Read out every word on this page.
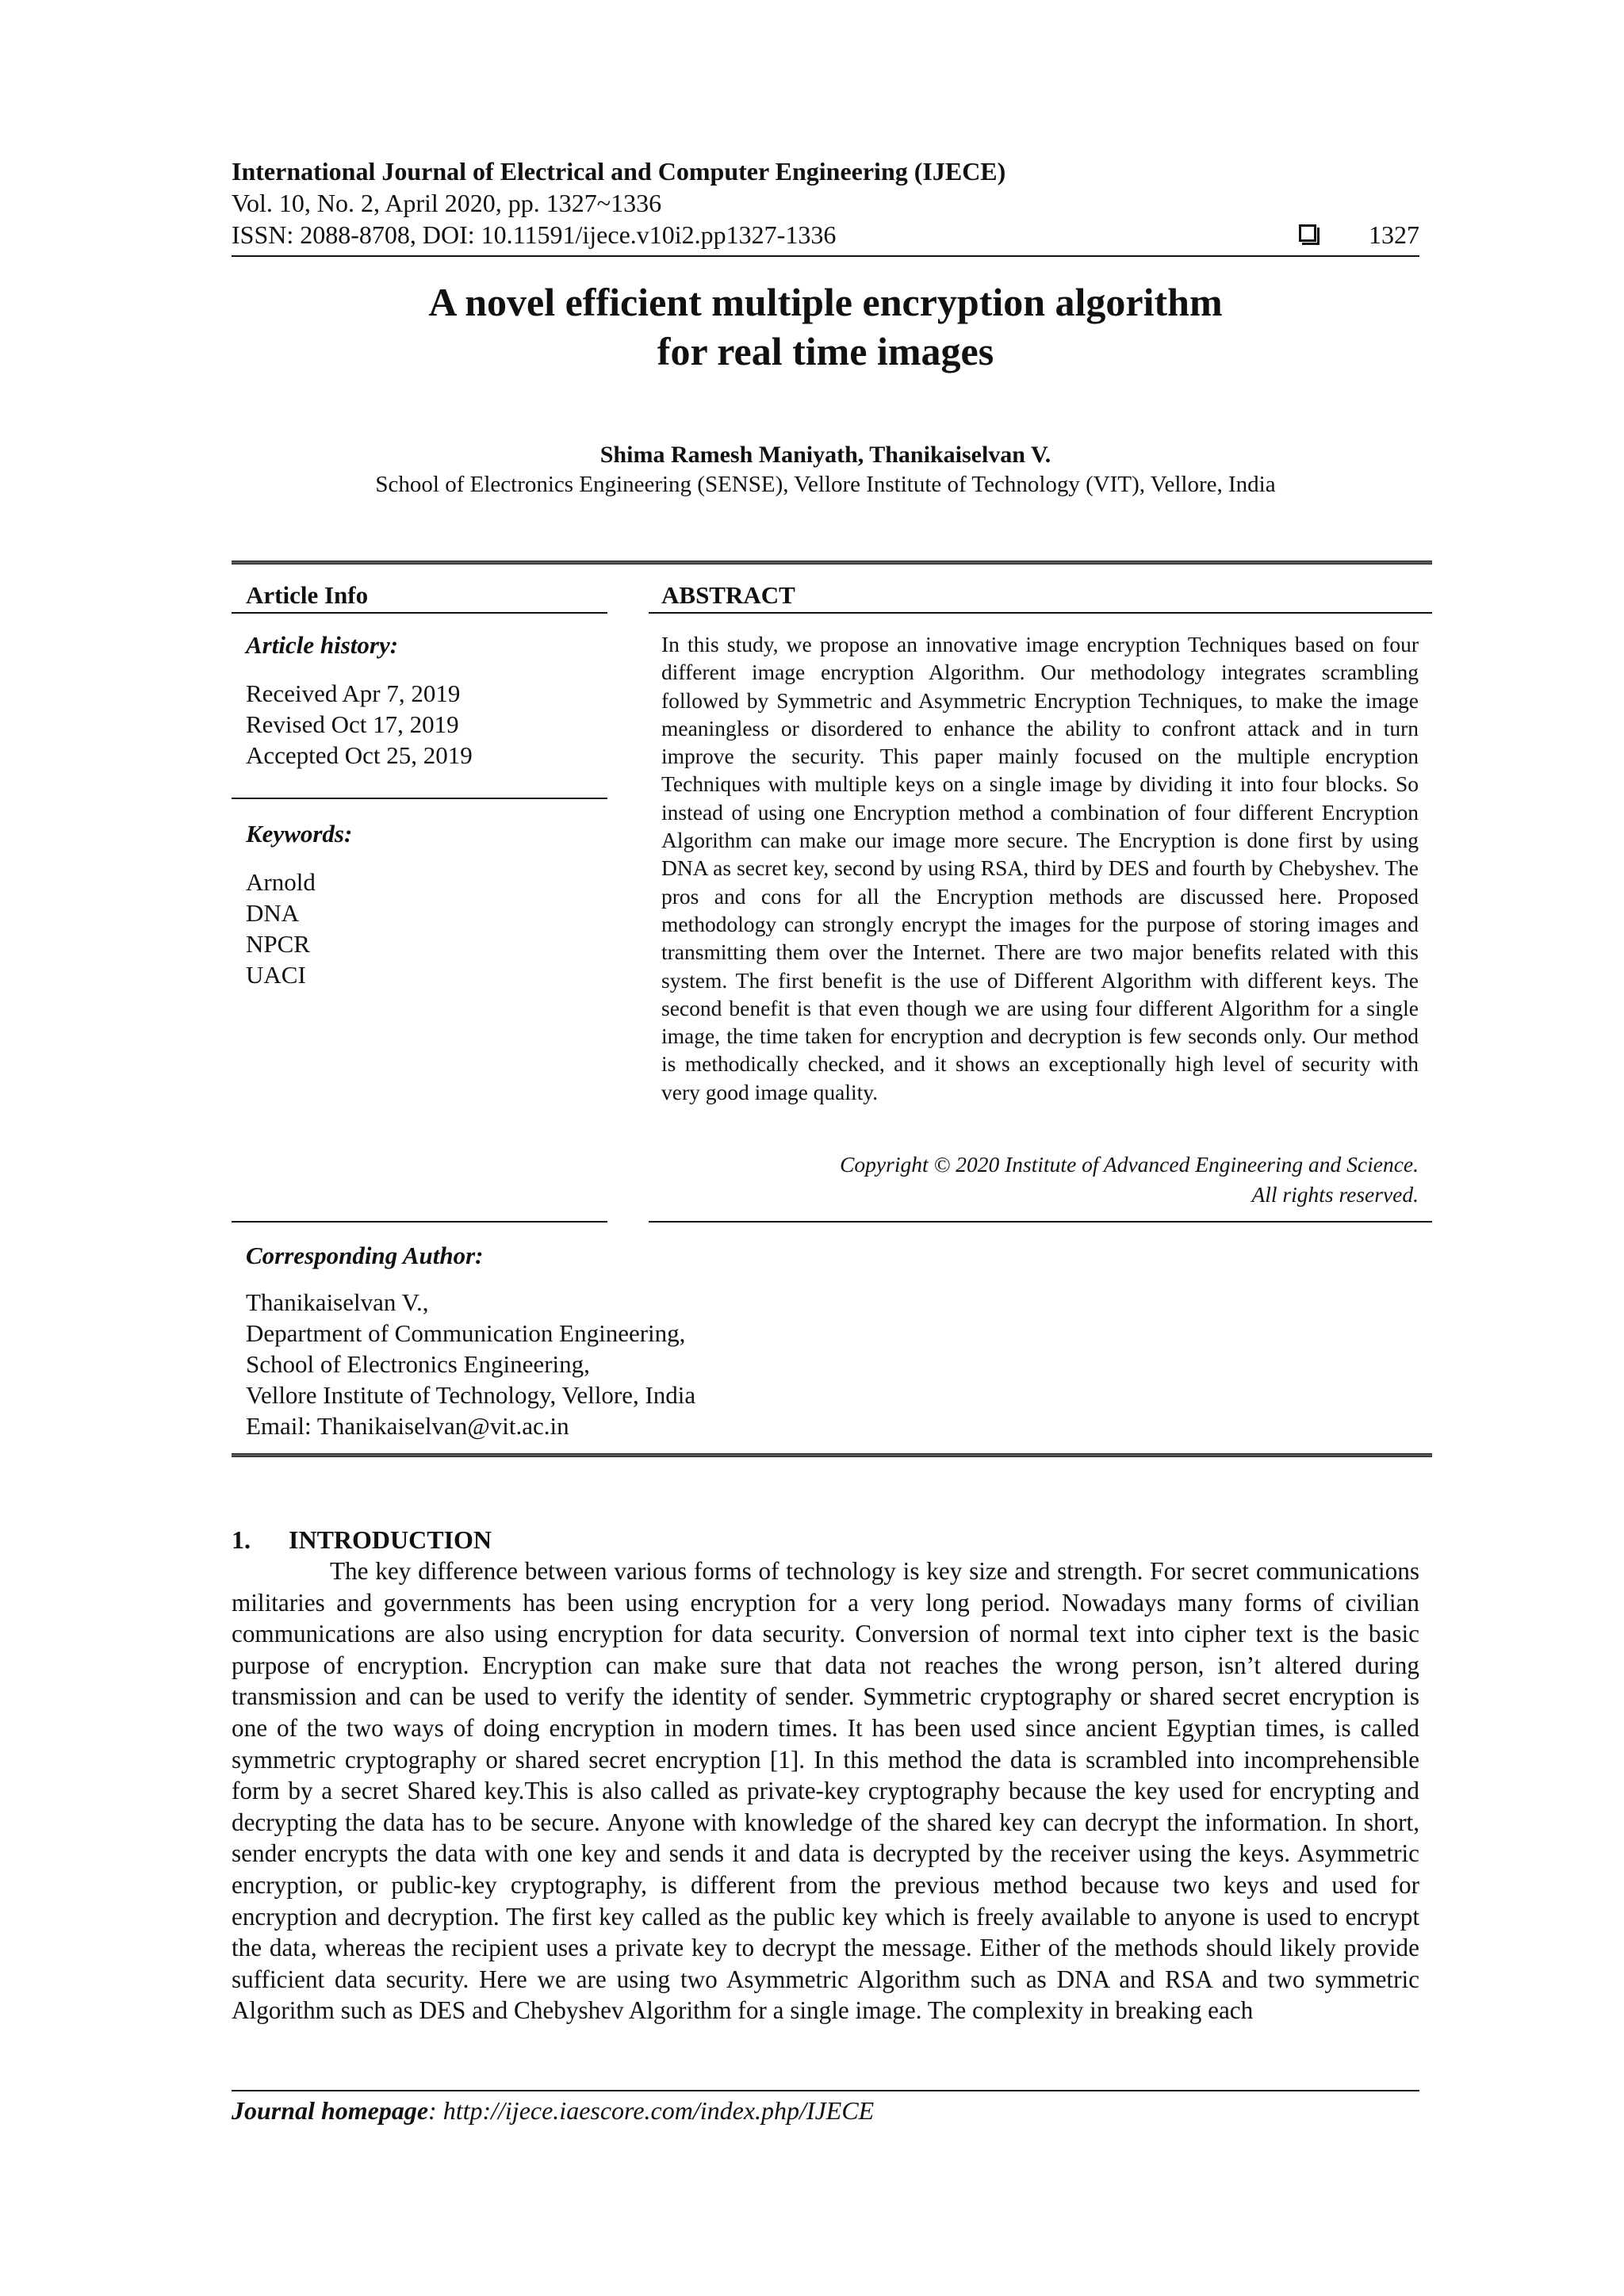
International Journal of Electrical and Computer Engineering (IJECE)
Vol. 10, No. 2, April 2020, pp. 1327~1336
ISSN: 2088-8708, DOI: 10.11591/ijece.v10i2.pp1327-1336	1327
A novel efficient multiple encryption algorithm
for real time images
Shima Ramesh Maniyath, Thanikaiselvan V.
School of Electronics Engineering (SENSE), Vellore Institute of Technology (VIT), Vellore, India
Article Info	ABSTRACT
Article history:
Received Apr 7, 2019
Revised Oct 17, 2019
Accepted Oct 25, 2019
Keywords:
Arnold
DNA
NPCR
UACI
In this study, we propose an innovative image encryption Techniques based on four different image encryption Algorithm. Our methodology integrates scrambling followed by Symmetric and Asymmetric Encryption Techniques, to make the image meaningless or disordered to enhance the ability to confront attack and in turn improve the security. This paper mainly focused on the multiple encryption Techniques with multiple keys on a single image by dividing it into four blocks. So instead of using one Encryption method a combination of four different Encryption Algorithm can make our image more secure. The Encryption is done first by using DNA as secret key, second by using RSA, third by DES and fourth by Chebyshev. The pros and cons for all the Encryption methods are discussed here. Proposed methodology can strongly encrypt the images for the purpose of storing images and transmitting them over the Internet. There are two major benefits related with this system. The first benefit is the use of Different Algorithm with different keys. The second benefit is that even though we are using four different Algorithm for a single image, the time taken for encryption and decryption is few seconds only. Our method is methodically checked, and it shows an exceptionally high level of security with very good image quality.
Copyright © 2020 Institute of Advanced Engineering and Science.
All rights reserved.
Corresponding Author:
Thanikaiselvan V.,
Department of Communication Engineering,
School of Electronics Engineering,
Vellore Institute of Technology, Vellore, India
Email: Thanikaiselvan@vit.ac.in
1. INTRODUCTION
The key difference between various forms of technology is key size and strength. For secret communications militaries and governments has been using encryption for a very long period. Nowadays many forms of civilian communications are also using encryption for data security. Conversion of normal text into cipher text is the basic purpose of encryption. Encryption can make sure that data not reaches the wrong person, isn’t altered during transmission and can be used to verify the identity of sender. Symmetric cryptography or shared secret encryption is one of the two ways of doing encryption in modern times. It has been used since ancient Egyptian times, is called symmetric cryptography or shared secret encryption [1]. In this method the data is scrambled into incomprehensible form by a secret Shared key.This is also called as private-key cryptography because the key used for encrypting and decrypting the data has to be secure. Anyone with knowledge of the shared key can decrypt the information. In short, sender encrypts the data with one key and sends it and data is decrypted by the receiver using the keys. Asymmetric encryption, or public-key cryptography, is different from the previous method because two keys and used for encryption and decryption. The first key called as the public key which is freely available to anyone is used to encrypt the data, whereas the recipient uses a private key to decrypt the message. Either of the methods should likely provide sufficient data security. Here we are using two Asymmetric Algorithm such as DNA and RSA and two symmetric Algorithm such as DES and Chebyshev Algorithm for a single image. The complexity in breaking each
Journal homepage: http://ijece.iaescore.com/index.php/IJECE
